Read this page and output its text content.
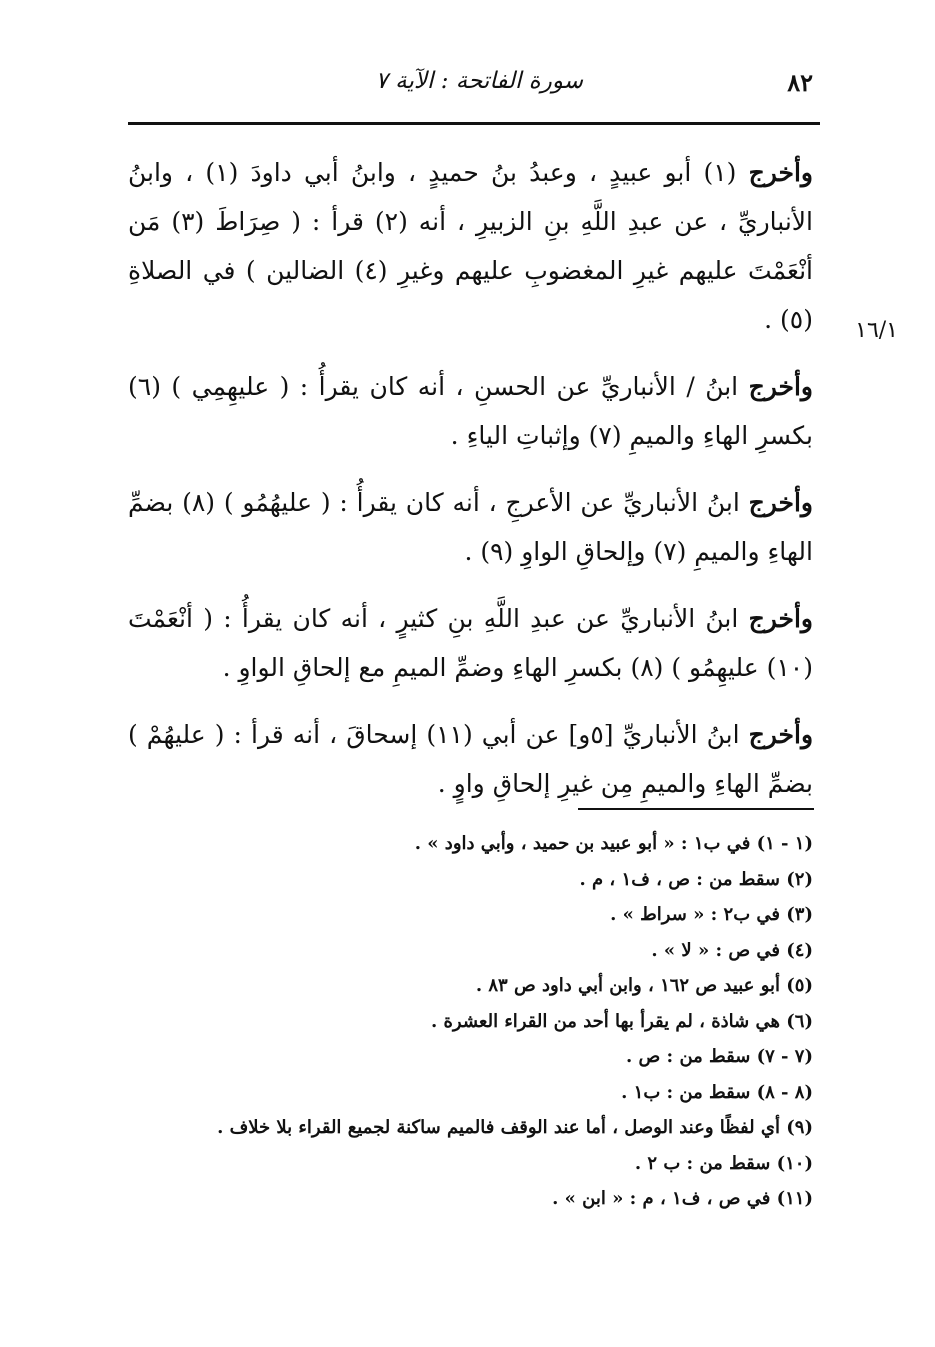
٨٢
سورة الفاتحة : الآية ٧
١٦/١

وأخرج (١) أبو عبيدٍ ، وعبدُ بنُ حميدٍ ، وابنُ أبي داودَ (١) ، وابنُ الأنباريِّ ، عن عبدِ اللَّهِ بنِ الزبيرِ ، أنه (٢) قرأ : ( صِرَاطَ (٣) مَن أنْعَمْتَ عليهم غيرِ المغضوبِ عليهم وغيرِ (٤) الضالين ) في الصلاةِ (٥) .

وأخرج ابنُ / الأنباريِّ عن الحسنِ ، أنه كان يقرأُ : ( عليهِمِي ) (٦) بكسرِ الهاءِ والميمِ (٧) وإثباتِ الياءِ .

وأخرج ابنُ الأنباريِّ عن الأعرجِ ، أنه كان يقرأُ : ( عليهُمُو ) (٨) بضمِّ الهاءِ والميمِ (٧) وإلحاقِ الواوِ (٩) .

وأخرج ابنُ الأنباريِّ عن عبدِ اللَّهِ بنِ كثيرٍ ، أنه كان يقرأُ : ( أنْعَمْتَ (١٠) عليهِمُو ) (٨) بكسرِ الهاءِ وضمِّ الميمِ مع إلحاقِ الواوِ .

وأخرج ابنُ الأنباريِّ [٥و] عن أبي (١١) إسحاقَ ، أنه قرأ : ( عليهُمْ ) بضمِّ الهاءِ والميمِ مِن غيرِ إلحاقِ واوٍ .

(١ - ١) في ب١ : « أبو عبيد بن حميد ، وأبي داود » .
(٢) سقط من : ص ، ف١ ، م .
(٣) في ب٢ : « سراط » .
(٤) في ص : « لا » .
(٥) أبو عبيد ص ١٦٢ ، وابن أبي داود ص ٨٣ .
(٦) هي شاذة ، لم يقرأ بها أحد من القراء العشرة .
(٧ - ٧) سقط من : ص .
(٨ - ٨) سقط من : ب١ .
(٩) أي لفظًا وعند الوصل ، أما عند الوقف فالميم ساكنة لجميع القراء بلا خلاف .
(١٠) سقط من : ب ٢ .
(١١) في ص ، ف١ ، م : « ابن » .
